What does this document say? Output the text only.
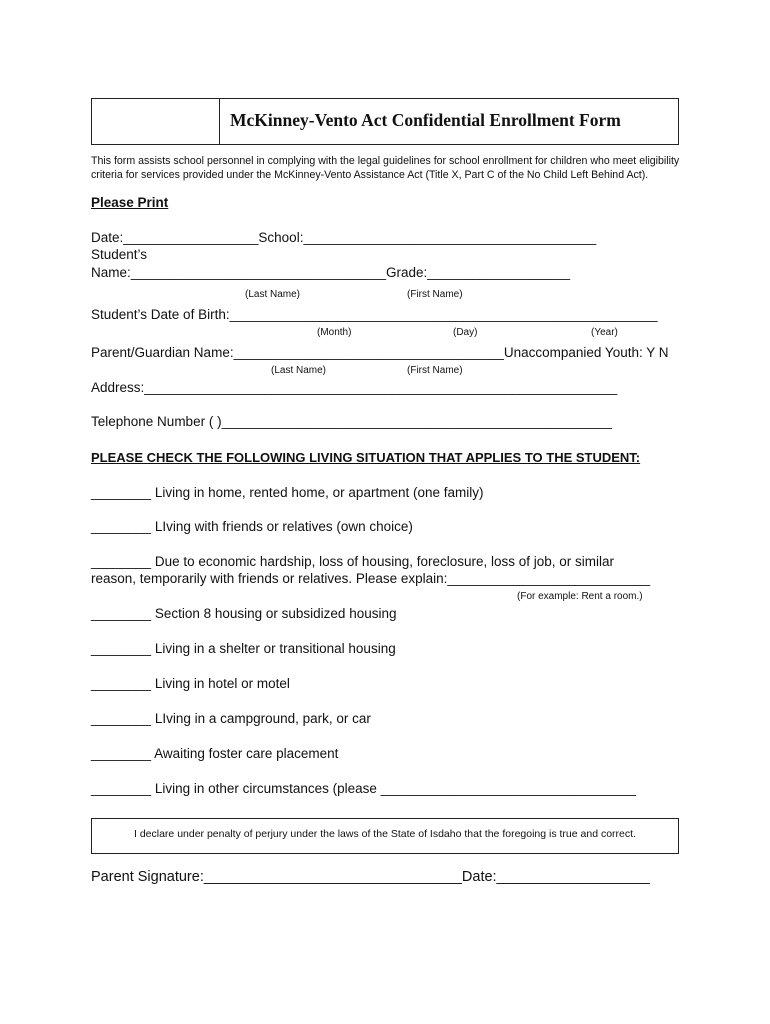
McKinney-Vento Act Confidential Enrollment Form
This form assists school personnel in complying with the legal guidelines for school enrollment for children who meet eligibility criteria for services provided under the McKinney-Vento Assistance Act (Title X, Part C of the No Child Left Behind Act).
Please Print
Date:__________________School:_______________________________________
Student’s
Name:__________________________________Grade:___________________
(Last Name)	(First Name)
Student’s Date of Birth:_________________________________________________________
(Month)	(Day)	(Year)
Parent/Guardian Name:____________________________________Unaccompanied Youth: Y N
(Last Name)	(First Name)
Address:_______________________________________________________________
Telephone Number ( )____________________________________________________
PLEASE CHECK THE FOLLOWING LIVING SITUATION THAT APPLIES TO THE STUDENT:
________ Living in home, rented home, or apartment (one family)
________ LIving with friends or relatives (own choice)
________ Due to economic hardship, loss of housing, foreclosure, loss of job, or similar
reason, temporarily with friends or relatives. Please explain:___________________________
(For example: Rent a room.)
________ Section 8 housing or subsidized housing
________ Living in a shelter or transitional housing
________ Living in hotel or motel
________ LIving in a campground, park, or car
________ Awaiting foster care placement
________ Living in other circumstances (please __________________________________
I declare under penalty of perjury under the laws of the State of Isdaho that the foregoing is true and correct.
Parent Signature:________________________________Date:___________________
